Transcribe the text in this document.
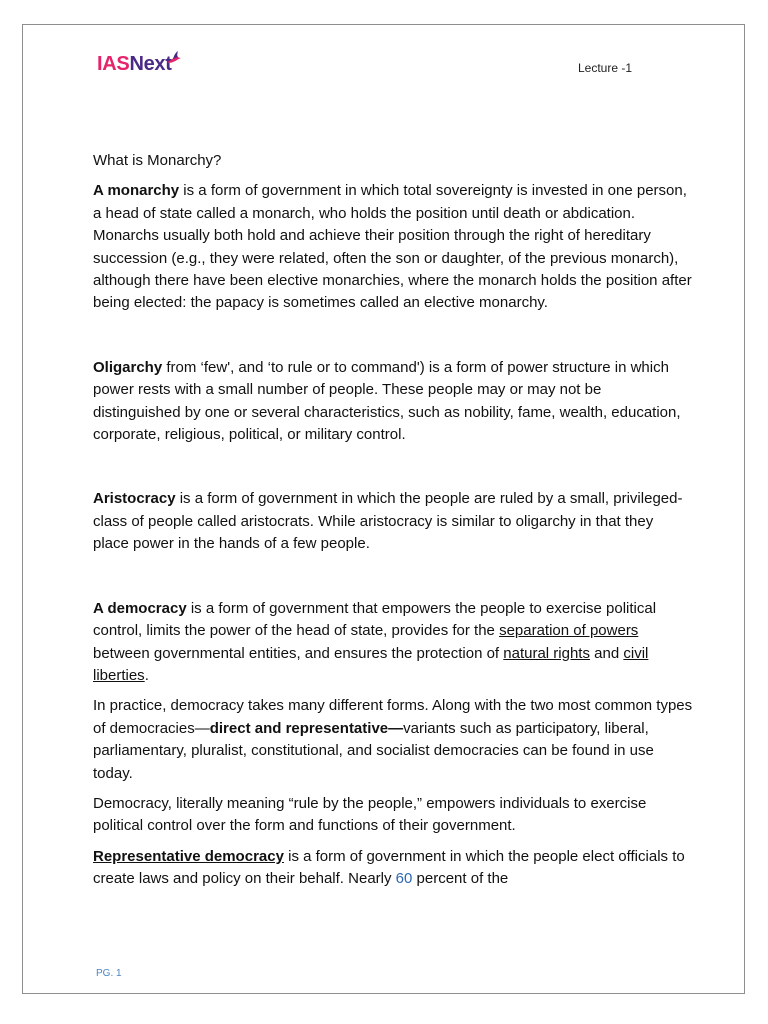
IAS Next	Lecture -1

What is Monarchy?

A monarchy is a form of government in which total sovereignty is invested in one person, a head of state called a monarch, who holds the position until death or abdication. Monarchs usually both hold and achieve their position through the right of hereditary succession (e.g., they were related, often the son or daughter, of the previous monarch), although there have been elective monarchies, where the monarch holds the position after being elected: the papacy is sometimes called an elective monarchy.

Oligarchy from ‘few', and ‘to rule or to command') is a form of power structure in which power rests with a small number of people. These people may or may not be distinguished by one or several characteristics, such as nobility, fame, wealth, education, corporate, religious, political, or military control.

Aristocracy is a form of government in which the people are ruled by a small, privileged-class of people called aristocrats. While aristocracy is similar to oligarchy in that they place power in the hands of a few people.

A democracy is a form of government that empowers the people to exercise political control, limits the power of the head of state, provides for the separation of powers between governmental entities, and ensures the protection of natural rights and civil liberties.

In practice, democracy takes many different forms. Along with the two most common types of democracies—direct and representative—variants such as participatory, liberal, parliamentary, pluralist, constitutional, and socialist democracies can be found in use today.

Democracy, literally meaning “rule by the people,” empowers individuals to exercise political control over the form and functions of their government.

Representative democracy is a form of government in which the people elect officials to create laws and policy on their behalf. Nearly 60 percent of the

PG. 1
